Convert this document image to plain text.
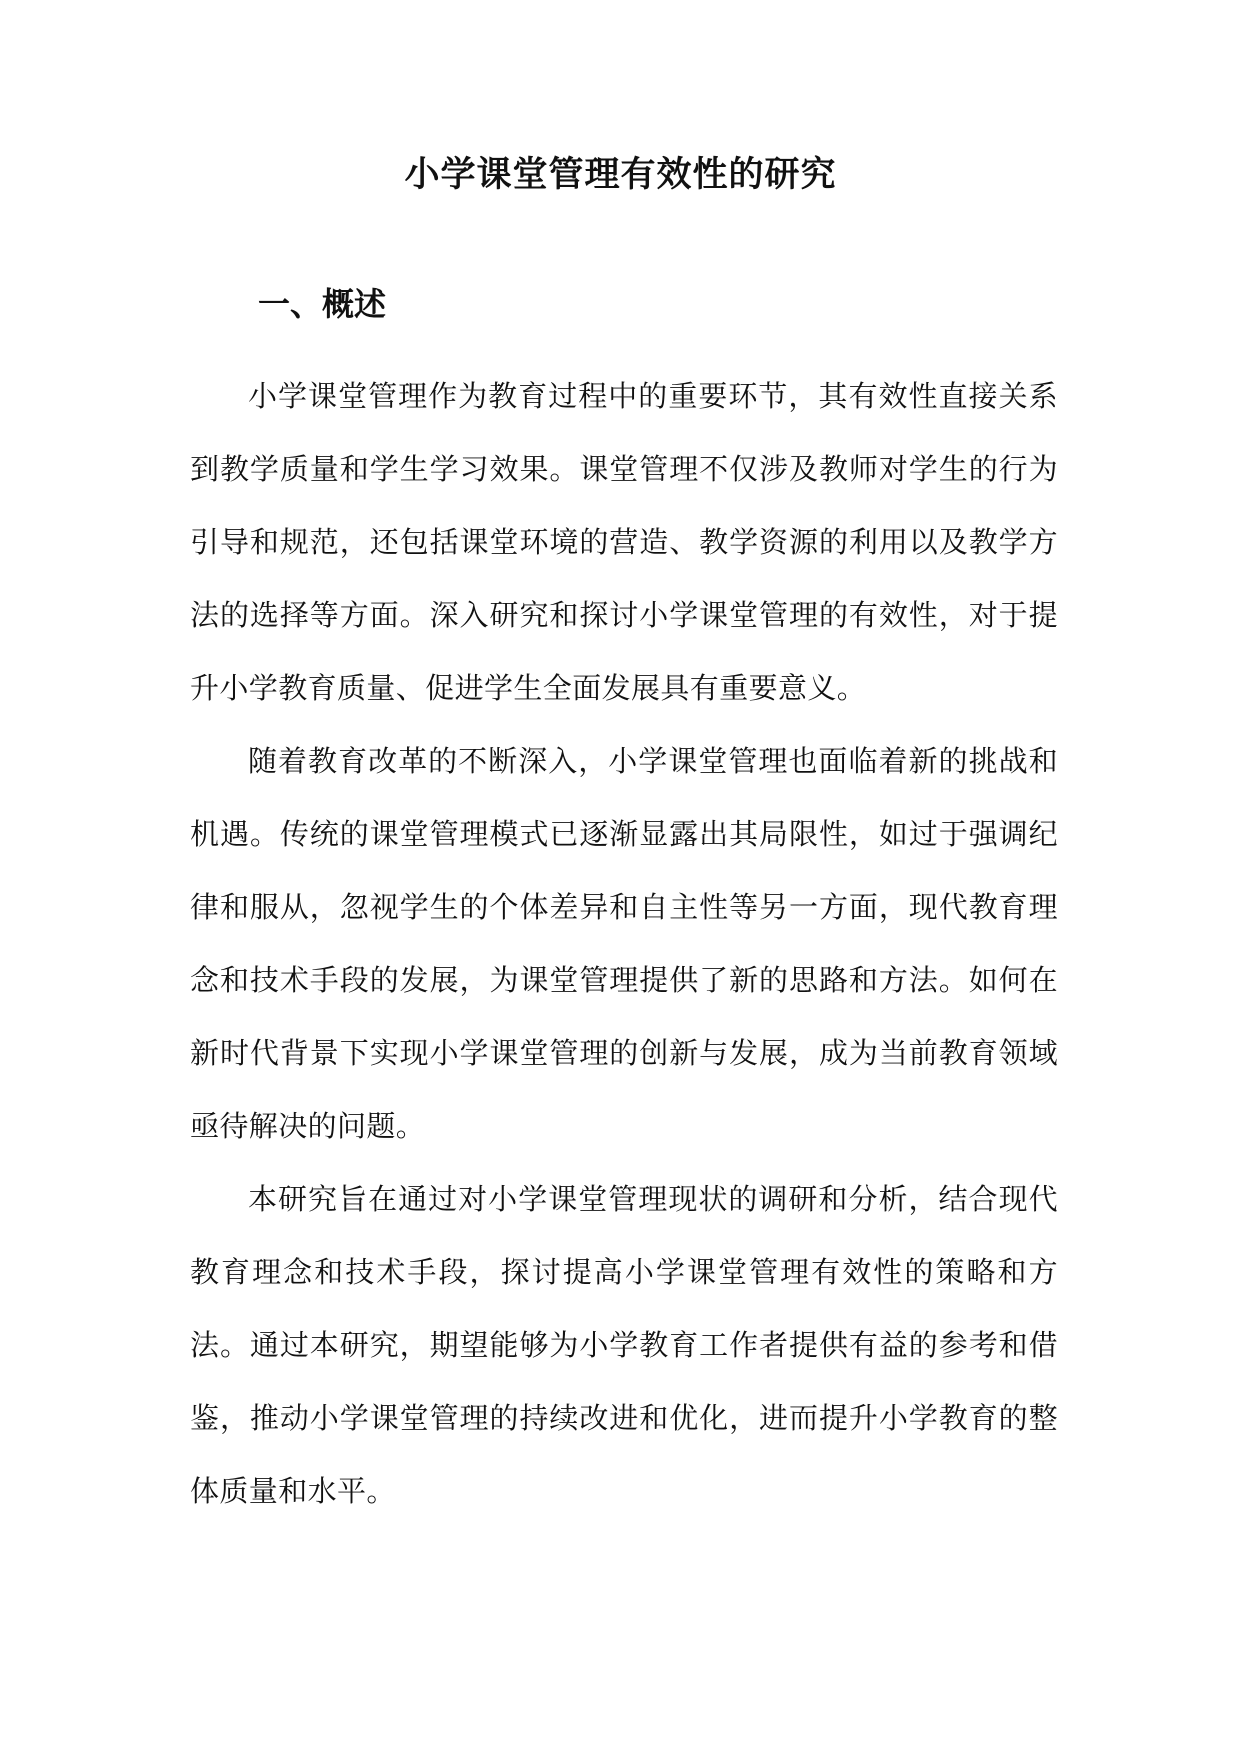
小学课堂管理有效性的研究
一、概述

小学课堂管理作为教育过程中的重要环节，其有效性直接关系到教学质量和学生学习效果。课堂管理不仅涉及教师对学生的行为引导和规范，还包括课堂环境的营造、教学资源的利用以及教学方法的选择等方面。深入研究和探讨小学课堂管理的有效性，对于提升小学教育质量、促进学生全面发展具有重要意义。

随着教育改革的不断深入，小学课堂管理也面临着新的挑战和机遇。传统的课堂管理模式已逐渐显露出其局限性，如过于强调纪律和服从，忽视学生的个体差异和自主性等另一方面，现代教育理念和技术手段的发展，为课堂管理提供了新的思路和方法。如何在新时代背景下实现小学课堂管理的创新与发展，成为当前教育领域亟待解决的问题。

本研究旨在通过对小学课堂管理现状的调研和分析，结合现代教育理念和技术手段，探讨提高小学课堂管理有效性的策略和方法。通过本研究，期望能够为小学教育工作者提供有益的参考和借鉴，推动小学课堂管理的持续改进和优化，进而提升小学教育的整体质量和水平。
